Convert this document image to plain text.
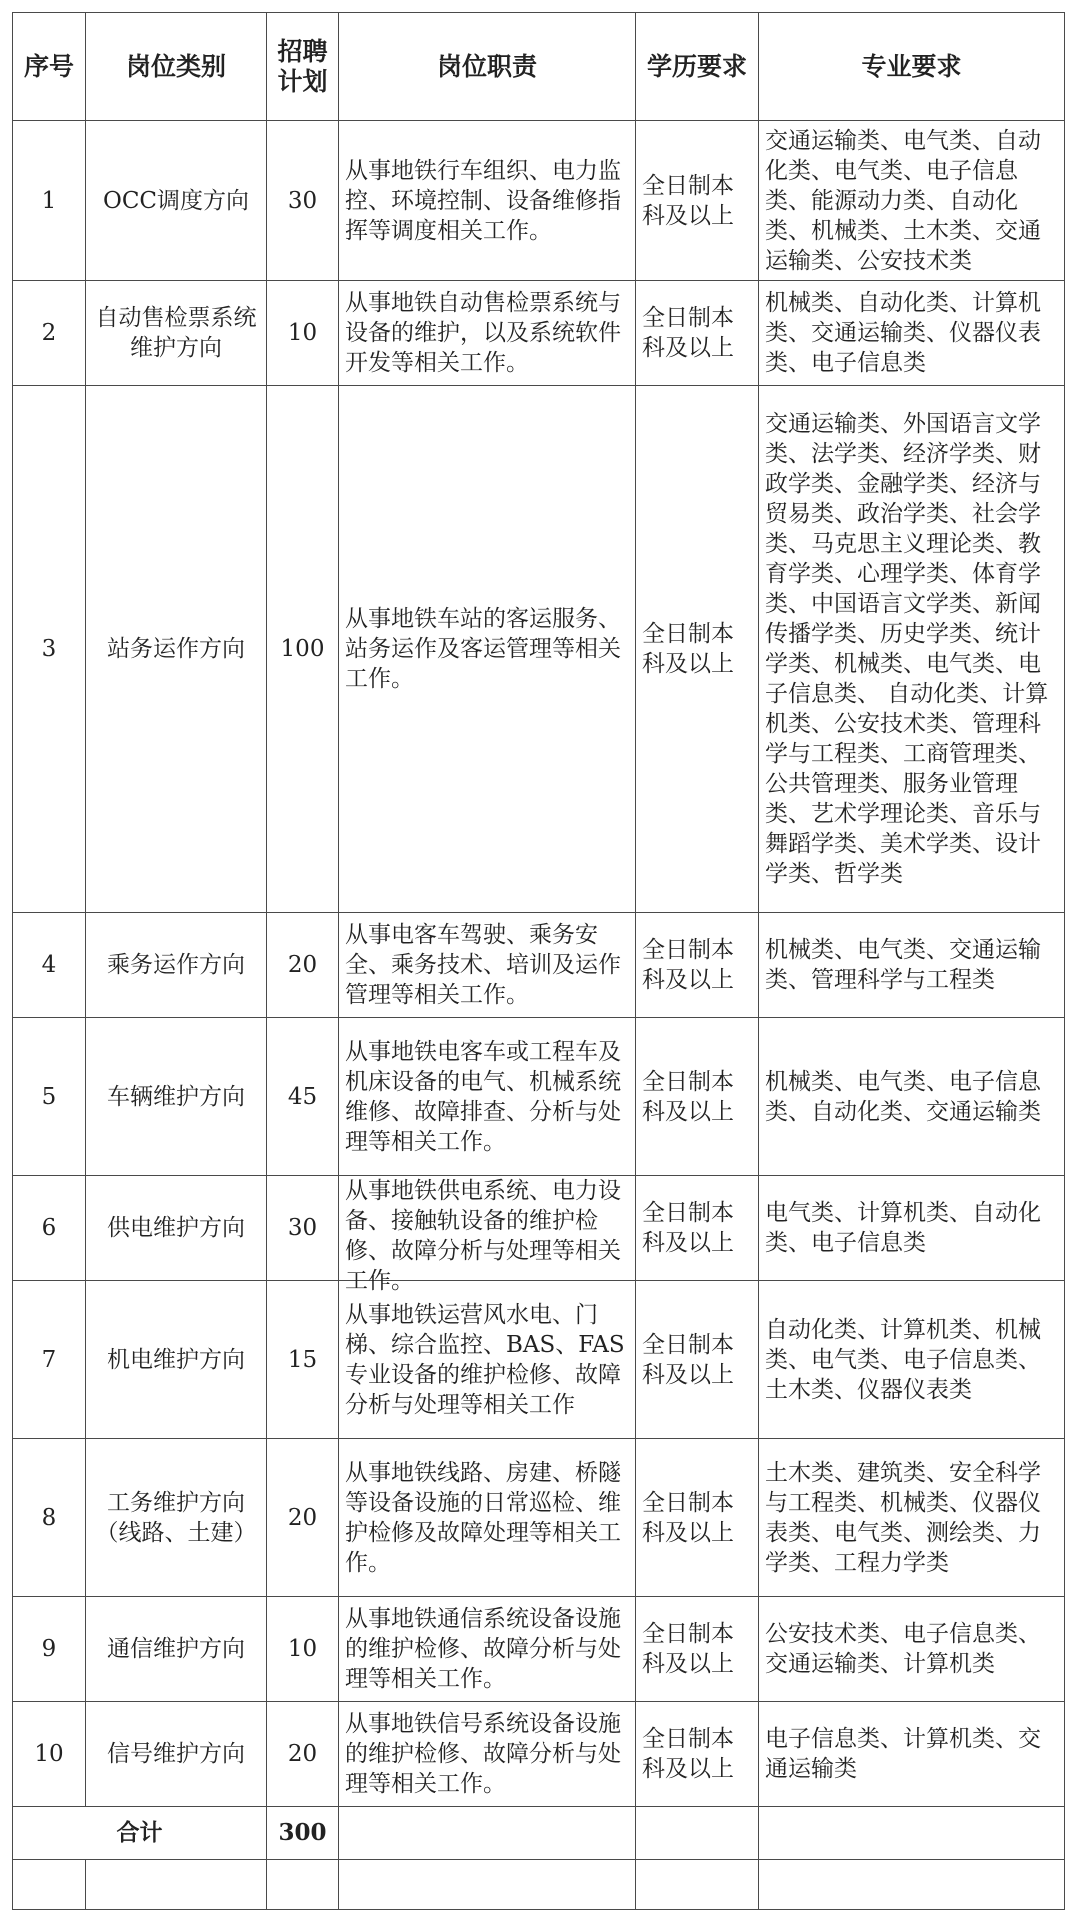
序号	岗位类别	招聘计划	岗位职责	学历要求	专业要求
1	OCC调度方向	30	从事地铁行车组织、电力监控、环境控制、设备维修指挥等调度相关工作。	全日制本科及以上	交通运输类、电气类、自动化类、电气类、电子信息类、能源动力类、自动化类、机械类、土木类、交通运输类、公安技术类
2	自动售检票系统维护方向	10	从事地铁自动售检票系统与设备的维护，以及系统软件开发等相关工作。	全日制本科及以上	机械类、自动化类、计算机类、交通运输类、仪器仪表类、电子信息类
3	站务运作方向	100	从事地铁车站的客运服务、站务运作及客运管理等相关工作。	全日制本科及以上	交通运输类、外国语言文学类、法学类、经济学类、财政学类、金融学类、经济与贸易类、政治学类、社会学类、马克思主义理论类、教育学类、心理学类、体育学类、中国语言文学类、新闻传播学类、历史学类、统计学类、机械类、电气类、电子信息类、 自动化类、计算机类、公安技术类、管理科学与工程类、工商管理类、公共管理类、服务业管理类、艺术学理论类、音乐与舞蹈学类、美术学类、设计学类、哲学类
4	乘务运作方向	20	从事电客车驾驶、乘务安全、乘务技术、培训及运作管理等相关工作。	全日制本科及以上	机械类、电气类、交通运输类、管理科学与工程类
5	车辆维护方向	45	从事地铁电客车或工程车及机床设备的电气、机械系统维修、故障排查、分析与处理等相关工作。	全日制本科及以上	机械类、电气类、电子信息类、自动化类、交通运输类
6	供电维护方向	30	从事地铁供电系统、电力设备、接触轨设备的维护检修、故障分析与处理等相关工作。	全日制本科及以上	电气类、计算机类、自动化类、电子信息类
7	机电维护方向	15	从事地铁运营风水电、门梯、综合监控、BAS、FAS专业设备的维护检修、故障分析与处理等相关工作	全日制本科及以上	自动化类、计算机类、机械类、电气类、电子信息类、土木类、仪器仪表类
8	工务维护方向（线路、土建）	20	从事地铁线路、房建、桥隧等设备设施的日常巡检、维护检修及故障处理等相关工作。	全日制本科及以上	土木类、建筑类、安全科学与工程类、机械类、仪器仪表类、电气类、测绘类、力学类、工程力学类
9	通信维护方向	10	从事地铁通信系统设备设施的维护检修、故障分析与处理等相关工作。	全日制本科及以上	公安技术类、电子信息类、交通运输类、计算机类
10	信号维护方向	20	从事地铁信号系统设备设施的维护检修、故障分析与处理等相关工作。	全日制本科及以上	电子信息类、计算机类、交通运输类
合计		300			
